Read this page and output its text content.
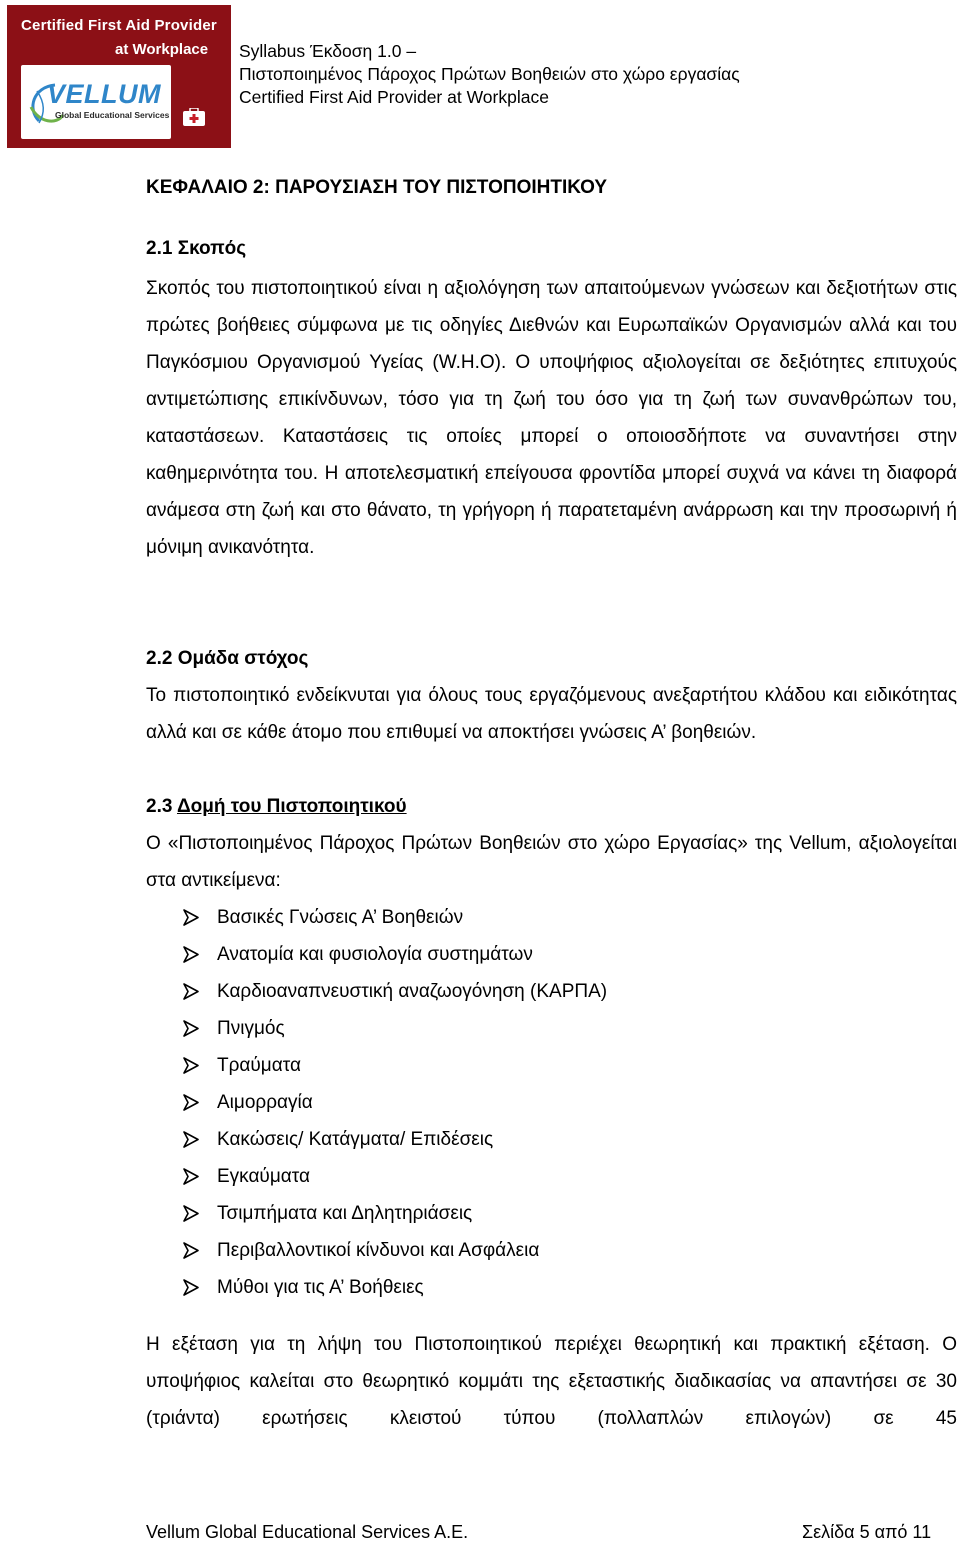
Certified First Aid Provider
at Workplace
VELLUM
Global Educational Services
Syllabus Έκδοση 1.0 –
Πιστοποιημένος Πάροχος Πρώτων Βοηθειών στο χώρο εργασίας
Certified First Aid Provider at Workplace
ΚΕΦΑΛΑΙΟ 2: ΠΑΡΟΥΣΙΑΣΗ ΤΟΥ ΠΙΣΤΟΠΟΙΗΤΙΚΟΥ
2.1 Σκοπός

Σκοπός του πιστοποιητικού είναι η αξιολόγηση των απαιτούμενων γνώσεων και δεξιοτήτων στις πρώτες βοήθειες σύμφωνα με τις οδηγίες Διεθνών και Ευρωπαϊκών Οργανισμών αλλά και του Παγκόσμιου Οργανισμού Υγείας (W.H.O). Ο υποψήφιος αξιολογείται σε δεξιότητες επιτυχούς αντιμετώπισης επικίνδυνων, τόσο για τη ζωή του όσο για τη ζωή των συνανθρώπων του, καταστάσεων. Καταστάσεις τις οποίες μπορεί ο οποιοσδήποτε να συναντήσει στην καθημερινότητα του. Η αποτελεσματική επείγουσα φροντίδα μπορεί συχνά να κάνει τη διαφορά ανάμεσα στη ζωή και στο θάνατο, τη γρήγορη ή παρατεταμένη ανάρρωση και την προσωρινή ή μόνιμη ανικανότητα.

2.2 Ομάδα στόχος

Το πιστοποιητικό ενδείκνυται για όλους τους εργαζόμενους ανεξαρτήτου κλάδου και ειδικότητας αλλά και σε κάθε άτομο που επιθυμεί να αποκτήσει γνώσεις Α’ βοηθειών.

2.3 Δομή του Πιστοποιητικού

Ο «Πιστοποιημένος Πάροχος Πρώτων Βοηθειών στο χώρο Εργασίας» της Vellum, αξιολογείται στα αντικείμενα:

Βασικές Γνώσεις Α’ Βοηθειών
Ανατομία και φυσιολογία συστημάτων
Καρδιοαναπνευστική αναζωογόνηση (ΚΑΡΠΑ)
Πνιγμός
Τραύματα
Αιμορραγία
Κακώσεις/ Κατάγματα/ Επιδέσεις
Εγκαύματα
Τσιμπήματα και Δηλητηριάσεις
Περιβαλλοντικοί κίνδυνοι και Ασφάλεια
Μύθοι για τις Α’ Βοήθειες

Η εξέταση για τη λήψη του Πιστοποιητικού περιέχει θεωρητική και πρακτική εξέταση. Ο υποψήφιος καλείται στο θεωρητικό κομμάτι της εξεταστικής διαδικασίας να απαντήσει σε 30 (τριάντα) ερωτήσεις κλειστού τύπου (πολλαπλών επιλογών) σε 45

Vellum Global Educational Services A.E.	Σελίδα 5 από 11
